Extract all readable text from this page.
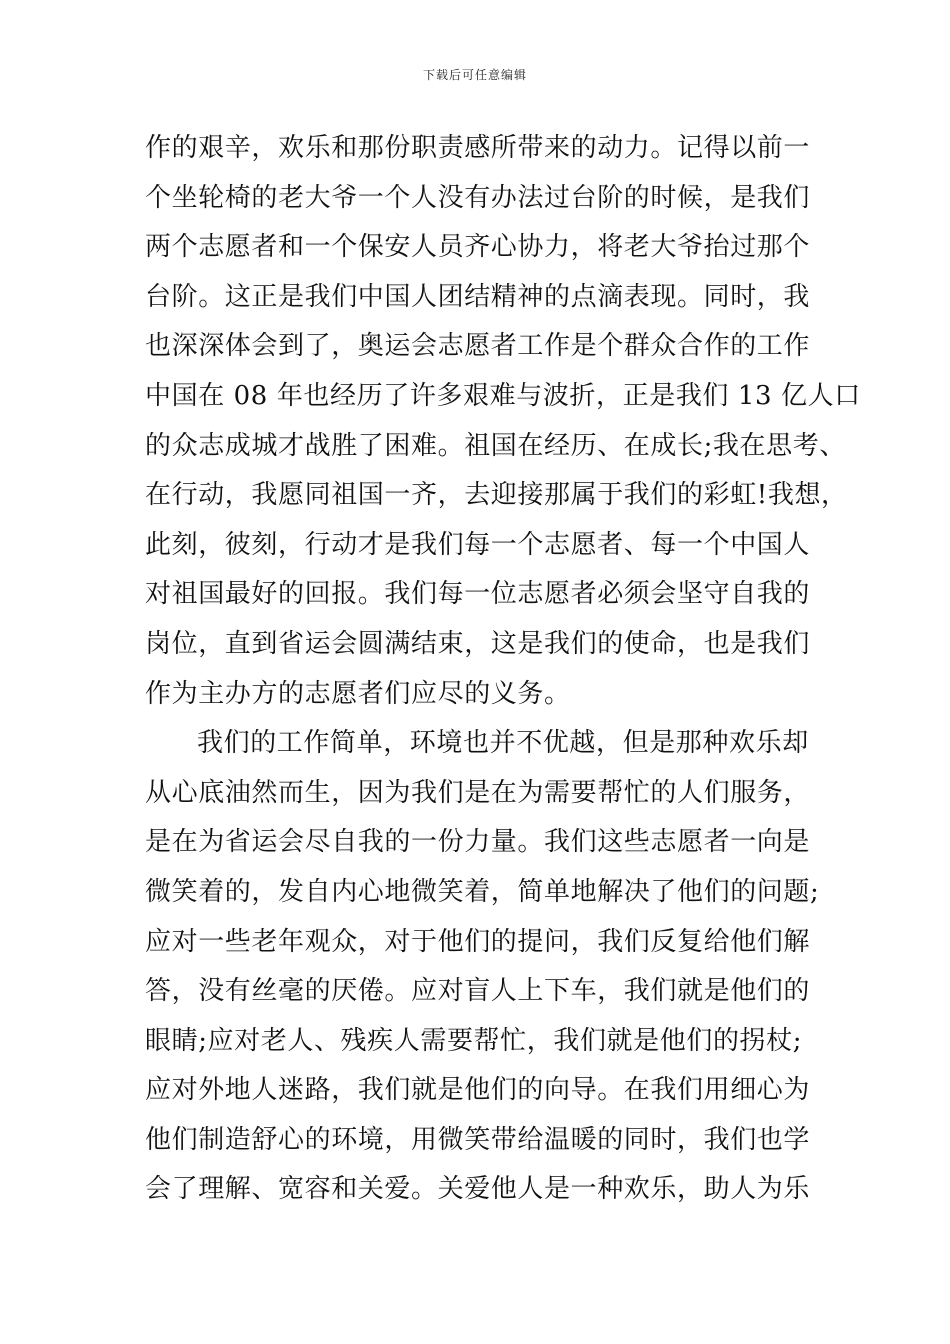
下载后可任意编辑
作的艰辛，欢乐和那份职责感所带来的动力。记得以前一
个坐轮椅的老大爷一个人没有办法过台阶的时候，是我们
两个志愿者和一个保安人员齐心协力，将老大爷抬过那个
台阶。这正是我们中国人团结精神的点滴表现。同时，我
也深深体会到了，奥运会志愿者工作是个群众合作的工作
中国在 08 年也经历了许多艰难与波折，正是我们 13 亿人口
的众志成城才战胜了困难。祖国在经历、在成长;我在思考、
在行动，我愿同祖国一齐，去迎接那属于我们的彩虹!我想，
此刻，彼刻，行动才是我们每一个志愿者、每一个中国人
对祖国最好的回报。我们每一位志愿者必须会坚守自我的
岗位，直到省运会圆满结束，这是我们的使命，也是我们
作为主办方的志愿者们应尽的义务。
我们的工作简单，环境也并不优越，但是那种欢乐却
从心底油然而生，因为我们是在为需要帮忙的人们服务，
是在为省运会尽自我的一份力量。我们这些志愿者一向是
微笑着的，发自内心地微笑着，简单地解决了他们的问题;
应对一些老年观众，对于他们的提问，我们反复给他们解
答，没有丝毫的厌倦。应对盲人上下车，我们就是他们的
眼睛;应对老人、残疾人需要帮忙，我们就是他们的拐杖;
应对外地人迷路，我们就是他们的向导。在我们用细心为
他们制造舒心的环境，用微笑带给温暖的同时，我们也学
会了理解、宽容和关爱。关爱他人是一种欢乐，助人为乐
